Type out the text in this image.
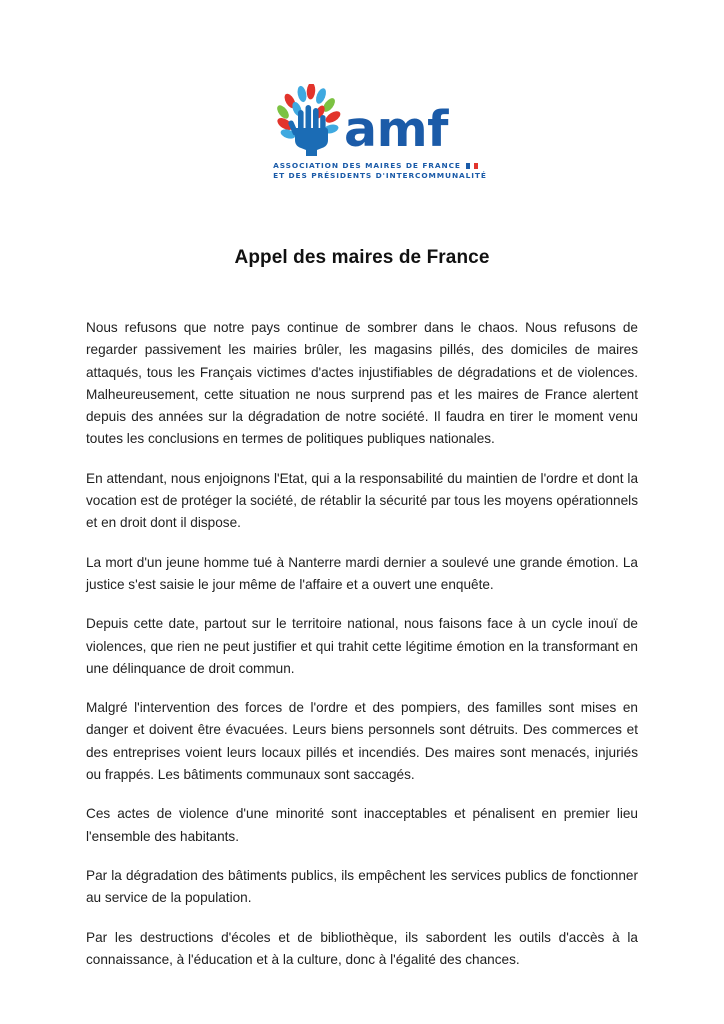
amf
ASSOCIATION DES MAIRES DE FRANCE
ET DES PRÉSIDENTS D'INTERCOMMUNALITÉ
Appel des maires de France

Nous refusons que notre pays continue de sombrer dans le chaos. Nous refusons de regarder passivement les mairies brûler, les magasins pillés, des domiciles de maires attaqués, tous les Français victimes d'actes injustifiables de dégradations et de violences. Malheureusement, cette situation ne nous surprend pas et les maires de France alertent depuis des années sur la dégradation de notre société. Il faudra en tirer le moment venu toutes les conclusions en termes de politiques publiques nationales.

En attendant, nous enjoignons l'Etat, qui a la responsabilité du maintien de l'ordre et dont la vocation est de protéger la société, de rétablir la sécurité par tous les moyens opérationnels et en droit dont il dispose.

La mort d'un jeune homme tué à Nanterre mardi dernier a soulevé une grande émotion. La justice s'est saisie le jour même de l'affaire et a ouvert une enquête.

Depuis cette date, partout sur le territoire national, nous faisons face à un cycle inouï de violences, que rien ne peut justifier et qui trahit cette légitime émotion en la transformant en une délinquance de droit commun.

Malgré l'intervention des forces de l'ordre et des pompiers, des familles sont mises en danger et doivent être évacuées. Leurs biens personnels sont détruits. Des commerces et des entreprises voient leurs locaux pillés et incendiés. Des maires sont menacés, injuriés ou frappés. Les bâtiments communaux sont saccagés.

Ces actes de violence d'une minorité sont inacceptables et pénalisent en premier lieu l'ensemble des habitants.

Par la dégradation des bâtiments publics, ils empêchent les services publics de fonctionner au service de la population.

Par les destructions d'écoles et de bibliothèque, ils sabordent les outils d'accès à la connaissance, à l'éducation et à la culture, donc à l'égalité des chances.
